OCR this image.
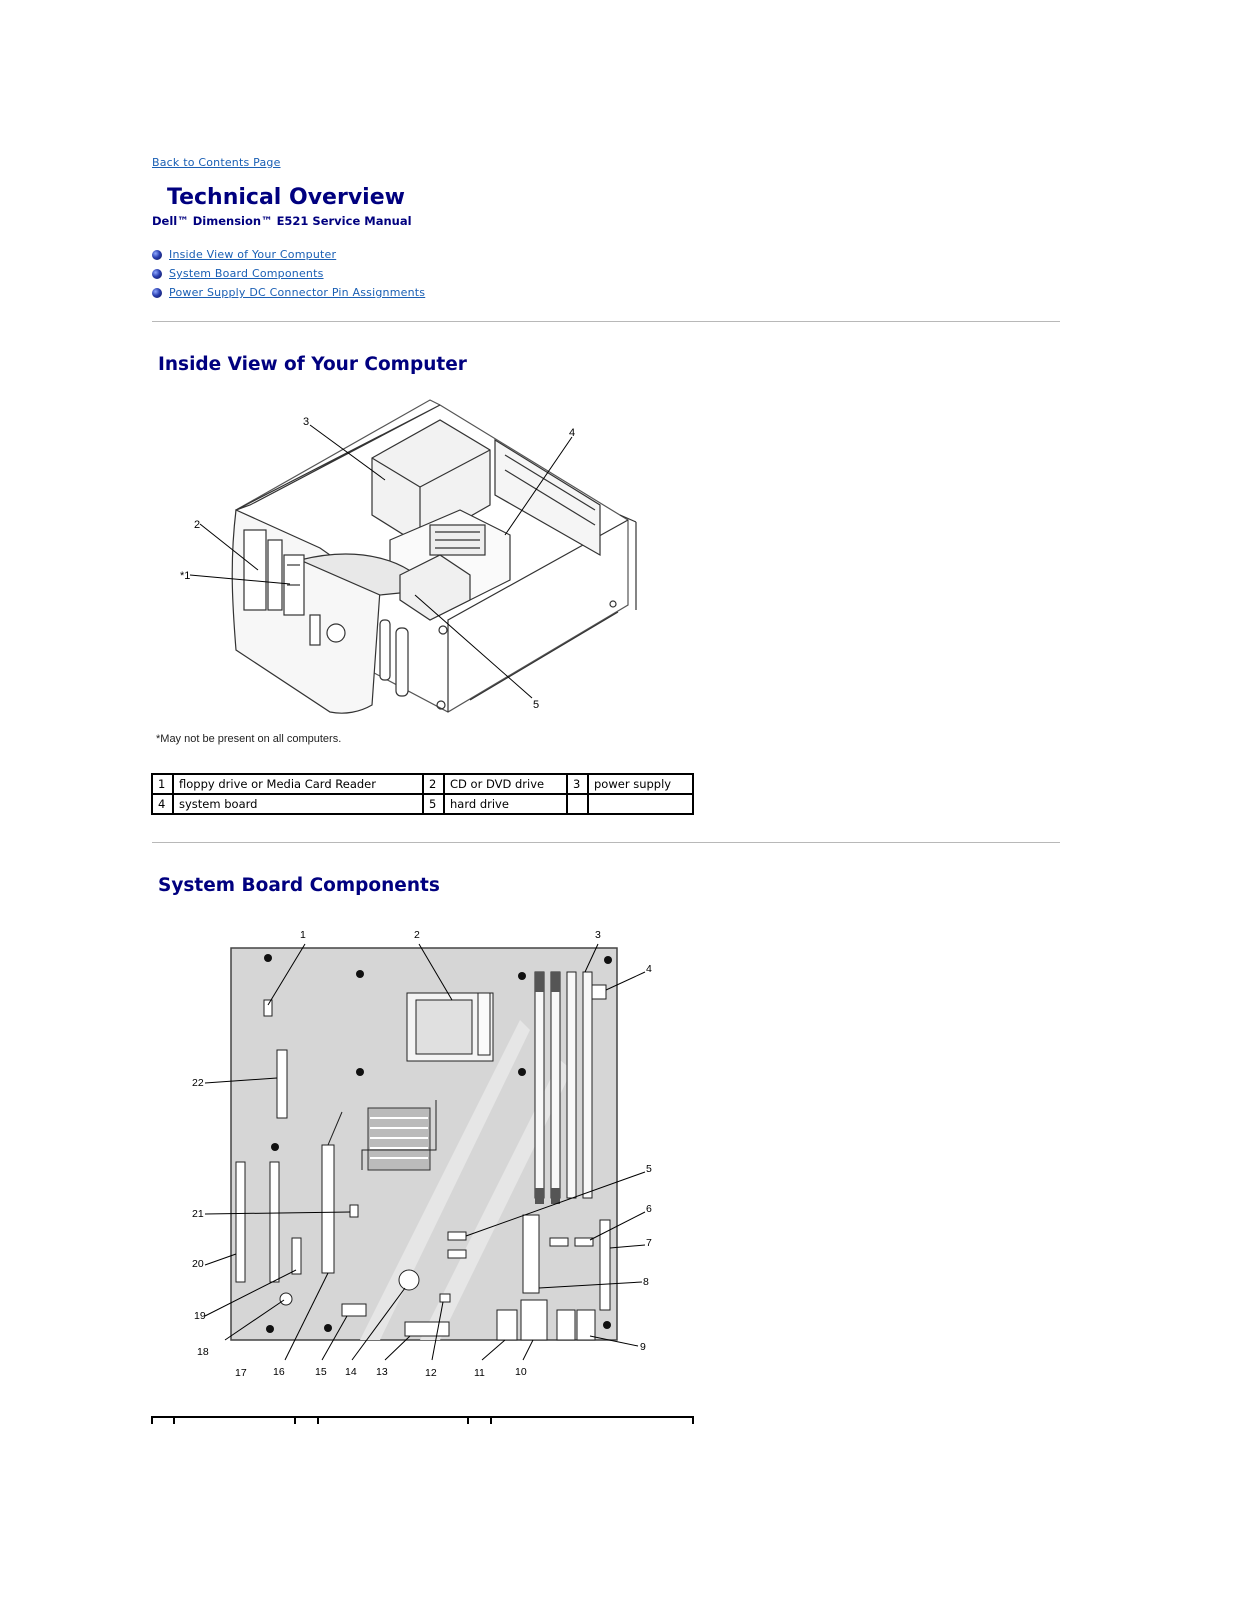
Back to Contents Page
Technical Overview
Dell™ Dimension™ E521 Service Manual
Inside View of Your Computer
System Board Components
Power Supply DC Connector Pin Assignments
Inside View of Your Computer
*1
2
3
4
5
*May not be present on all computers.
1	floppy drive or Media Card Reader	2	CD or DVD drive	3	power supply
4	system board	5	hard drive		
System Board Components
1	2	3
4
5
6
7
8
9
10
11
12
13
14
15
16
17
18
19
20
21
22
